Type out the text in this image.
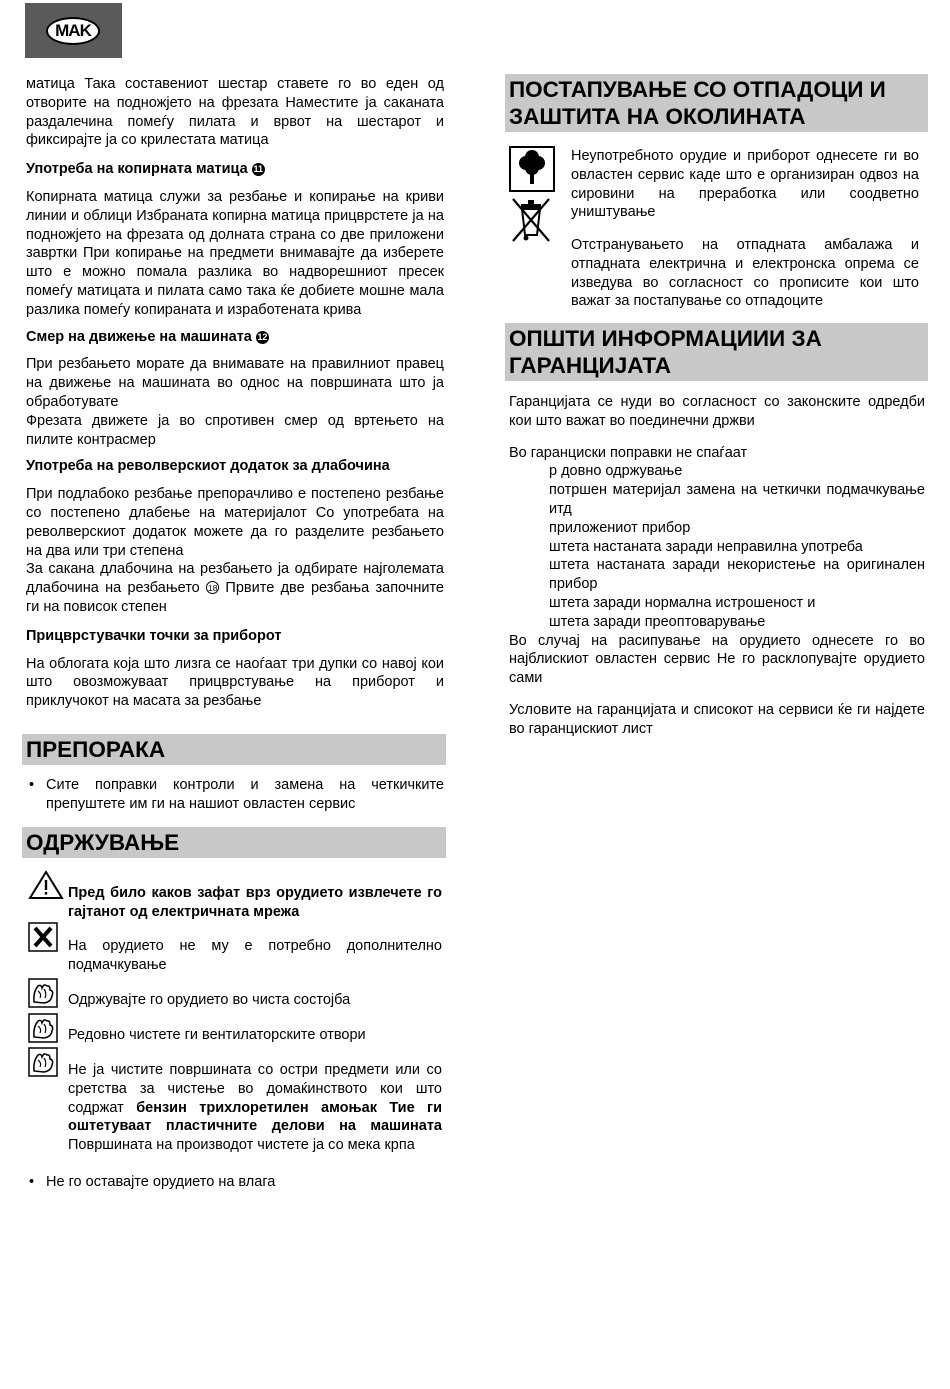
MAK

матица Така составениот шестар ставете го во еден од отворите на подножјето на фрезата Наместите ја саканата раздалечина помеѓу пилата и врвот на шестарот и фиксирајте ја со крилестата матица

Употреба на копирната матица 11

Копирната матица служи за резбање и копирање на криви линии и облици Избраната копирна матица прицврстете ја на подножјето на фрезата од долната страна со две приложени завртки При копирање на предмети внимавајте да изберете што е можно помала разлика во надворешниот пресек помеѓу матицата и пилата само така ќе добиете мошне мала разлика помеѓу копираната и изработената крива

Смер на движење на машината 12

При резбањето морате да внимавате на правилниот правец на движење на машината во однос на површината што ја обработувате

Фрезата движете ја во спротивен смер од вртењето на пилите контрасмер

Употреба на револверскиот додаток за длабочина

При подлабоко резбање препорачливо е постепено резбање со постепено длабење на материјалот Со употребата на револверскиот додаток можете да го разделите резбањето на два или три степена

За сакана длабочина на резбањето ја одбирате најголемата длабочина на резбањето 18 Првите две резбања започните ги на повисок степен

Прицврстувачки точки за приборот

На облогата која што лизга се наоѓаат три дупки со навој кои што овозможуваат прицврстување на приборот и приклучокот на масата за резбање

ПРЕПОРАКА
• Сите поправки контроли и замена на четкичките препуштете им ги на нашиот овластен сервис
ОДРЖУВАЊЕ

Пред било каков зафат врз орудието извлечете го гајтанот од електричната мрежа

На орудието не му е потребно дополнително подмачкување

Одржувајте го орудието во чиста состојба

Редовно чистете ги вентилаторските отвори

Не ја чистите површината со остри предмети или со сретства за чистење во домаќинството кои што содржат бензин трихлоретилен амоњак Тие ги оштетуваат пластичните делови на машината Површината на производот чистете ја со мека крпа

• Не го оставајте орудието на влага
ПОСТАПУВАЊЕ СО ОТПАДОЦИ И ЗАШТИТА НА ОКОЛИНАТА

Неупотребното орудие и приборот однесете ги во овластен сервис каде што е организиран одвоз на сировини на преработка или соодветно уништување

Отстранувањето на отпадната амбалажа и отпадната електрична и електронска опрема се изведува во согласност со прописите кои што важат за постапување со отпадоците

ОПШТИ ИНФОРМАЦИИИ ЗА ГАРАНЦИЈАТА

Гаранцијата се нуди во согласност со законските одредби кои што важат во поединечни држви

Во гаранциски поправки не спаѓаат

р довно одржување

потршен материјал замена на четкички подмачкување итд

приложениот прибор

штета настаната заради неправилна употреба

штета настаната заради некористење на оригинален прибор

штета заради нормална истрошеност и

штета заради преоптоварување

Во случај на расипување на орудието однесете го во најблискиот овластен сервис Не го расклопувајте орудието сами

Условите на гаранцијата и списокот на сервиси ќе ги најдете во гаранцискиот лист
